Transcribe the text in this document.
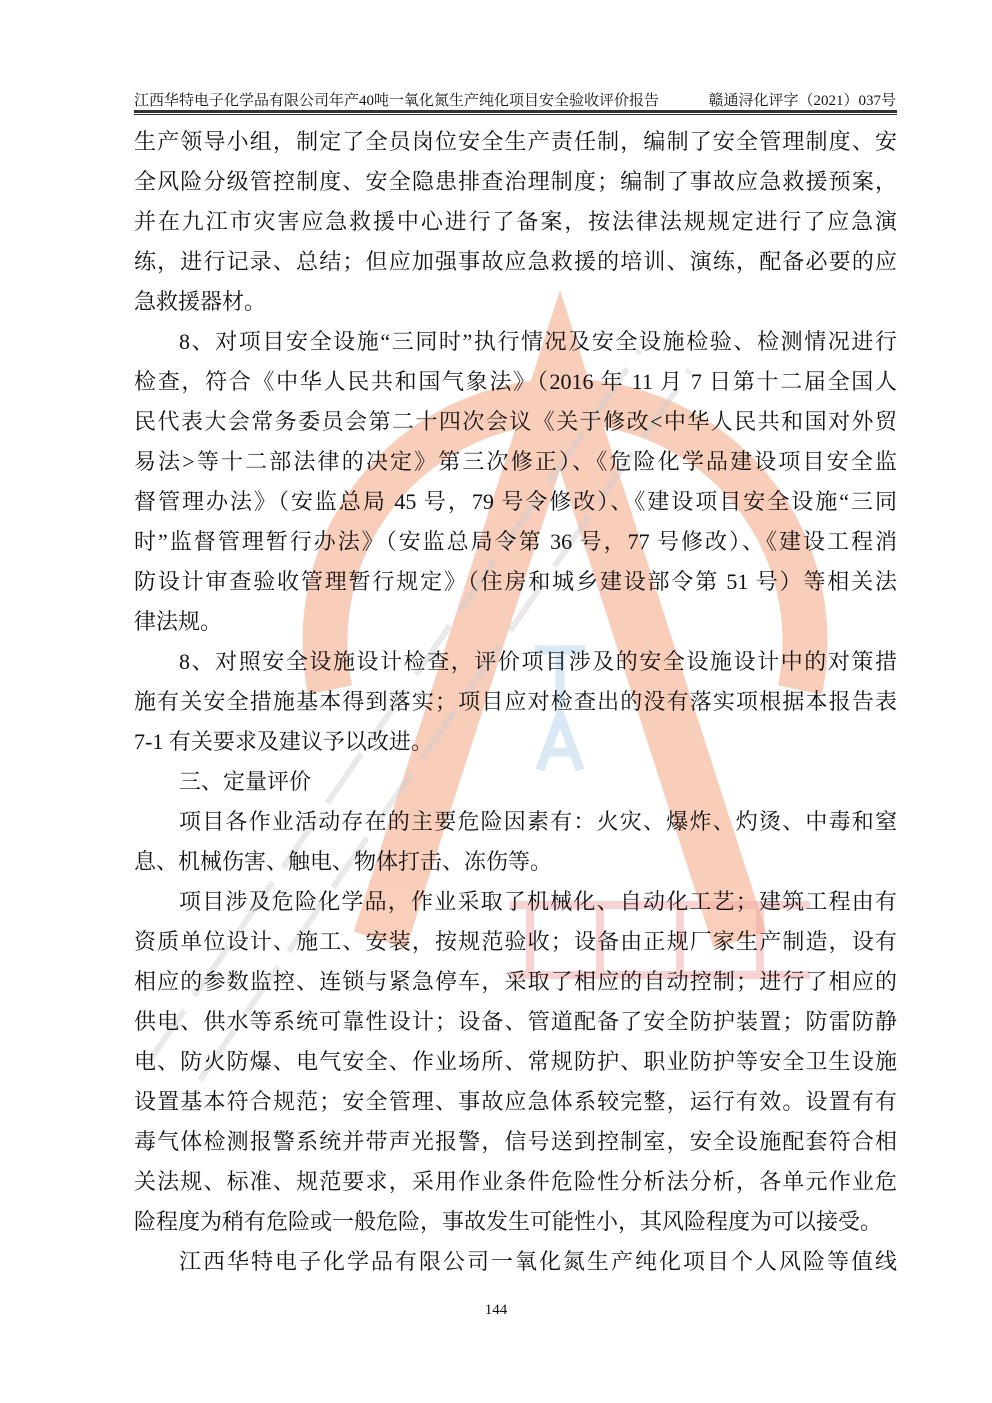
江西华特电子化学品有限公司年产40吨一氧化氮生产纯化项目安全验收评价报告	赣通浔化评字（2021）037号
生产领导小组，制定了全员岗位安全生产责任制，编制了安全管理制度、安
全风险分级管控制度、安全隐患排查治理制度；编制了事故应急救援预案，
并在九江市灾害应急救援中心进行了备案，按法律法规规定进行了应急演
练，进行记录、总结；但应加强事故应急救援的培训、演练，配备必要的应
急救援器材。
8、对项目安全设施“三同时”执行情况及安全设施检验、检测情况进行
检查，符合《中华人民共和国气象法》（2016 年 11 月 7 日第十二届全国人
民代表大会常务委员会第二十四次会议《关于修改<中华人民共和国对外贸
易法>等十二部法律的决定》第三次修正）、《危险化学品建设项目安全监
督管理办法》（安监总局 45 号，79 号令修改）、《建设项目安全设施“三同
时”监督管理暂行办法》（安监总局令第 36 号，77 号修改）、《建设工程消
防设计审查验收管理暂行规定》（住房和城乡建设部令第 51 号）等相关法
律法规。
8、对照安全设施设计检查，评价项目涉及的安全设施设计中的对策措
施有关安全措施基本得到落实；项目应对检查出的没有落实项根据本报告表
7-1 有关要求及建议予以改进。
三、定量评价
项目各作业活动存在的主要危险因素有：火灾、爆炸、灼烫、中毒和窒
息、机械伤害、触电、物体打击、冻伤等。
项目涉及危险化学品，作业采取了机械化、自动化工艺；建筑工程由有
资质单位设计、施工、安装，按规范验收；设备由正规厂家生产制造，设有
相应的参数监控、连锁与紧急停车，采取了相应的自动控制；进行了相应的
供电、供水等系统可靠性设计；设备、管道配备了安全防护装置；防雷防静
电、防火防爆、电气安全、作业场所、常规防护、职业防护等安全卫生设施
设置基本符合规范；安全管理、事故应急体系较完整，运行有效。设置有有
毒气体检测报警系统并带声光报警，信号送到控制室，安全设施配套符合相
关法规、标准、规范要求，采用作业条件危险性分析法分析，各单元作业危
险程度为稍有危险或一般危险，事故发生可能性小，其风险程度为可以接受。
江西华特电子化学品有限公司一氧化氮生产纯化项目个人风险等值线
144
